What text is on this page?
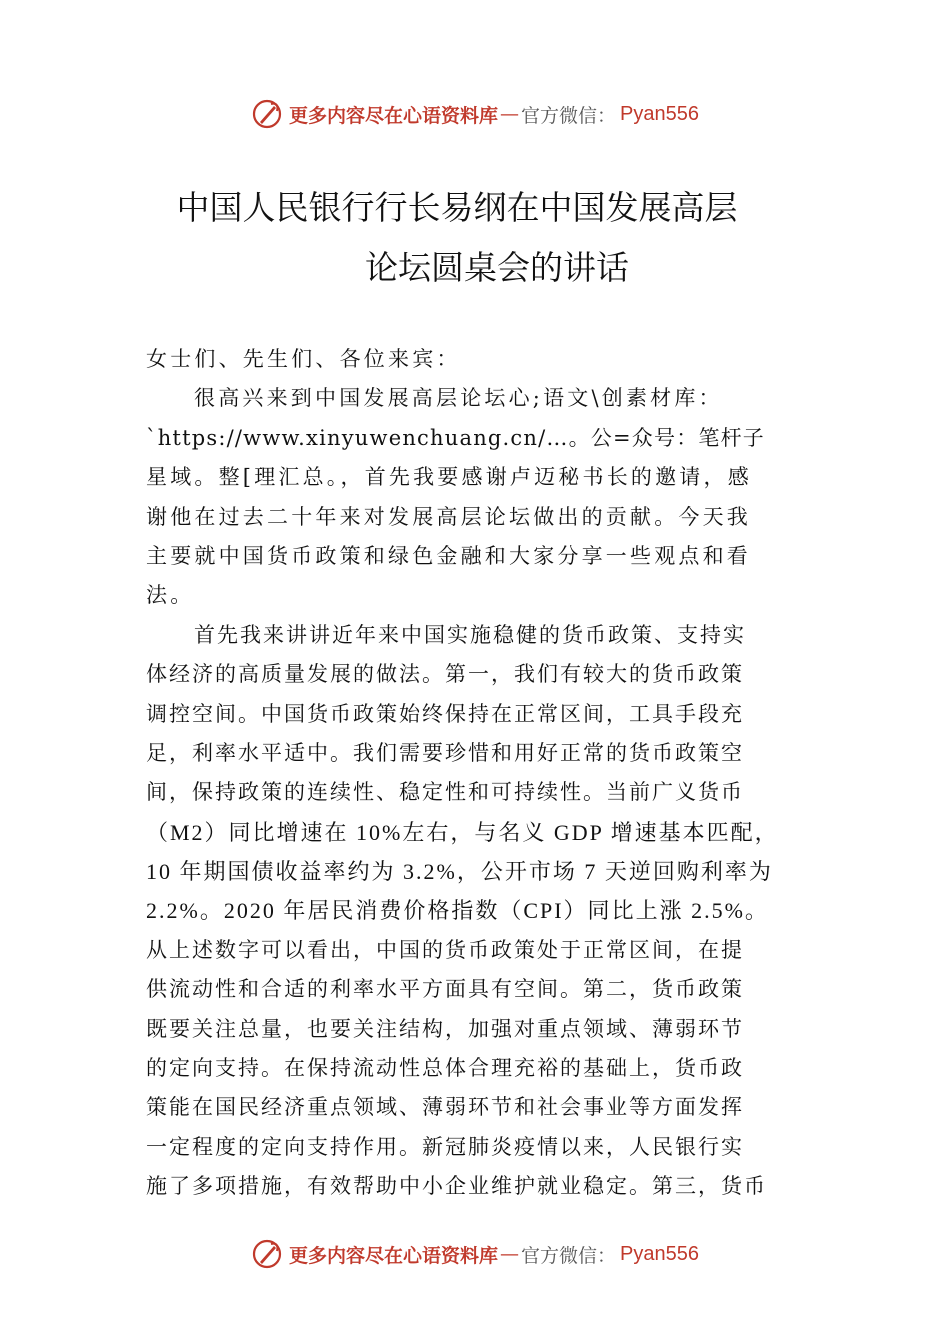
更多内容尽在心语资料库 — 官方微信： Pyan556
中国人民银行行长易纲在中国发展高层
论坛圆桌会的讲话
女士们、先生们、各位来宾：
很高兴来到中国发展高层论坛心;语文\创素材库：
`https://www.xinyuwenchuang.cn/…。公=众号：笔杆子
星域。整[理汇总。，首先我要感谢卢迈秘书长的邀请，感
谢他在过去二十年来对发展高层论坛做出的贡献。今天我
主要就中国货币政策和绿色金融和大家分享一些观点和看
法。
首先我来讲讲近年来中国实施稳健的货币政策、支持实
体经济的高质量发展的做法。第一，我们有较大的货币政策
调控空间。中国货币政策始终保持在正常区间，工具手段充
足，利率水平适中。我们需要珍惜和用好正常的货币政策空
间，保持政策的连续性、稳定性和可持续性。当前广义货币
（M2）同比增速在 10%左右，与名义 GDP 增速基本匹配，
10 年期国债收益率约为 3.2%，公开市场 7 天逆回购利率为
2.2%。2020 年居民消费价格指数（CPI）同比上涨 2.5%。
从上述数字可以看出，中国的货币政策处于正常区间，在提
供流动性和合适的利率水平方面具有空间。第二，货币政策
既要关注总量，也要关注结构，加强对重点领域、薄弱环节
的定向支持。在保持流动性总体合理充裕的基础上，货币政
策能在国民经济重点领域、薄弱环节和社会事业等方面发挥
一定程度的定向支持作用。新冠肺炎疫情以来，人民银行实
施了多项措施，有效帮助中小企业维护就业稳定。第三，货币
更多内容尽在心语资料库 — 官方微信： Pyan556
